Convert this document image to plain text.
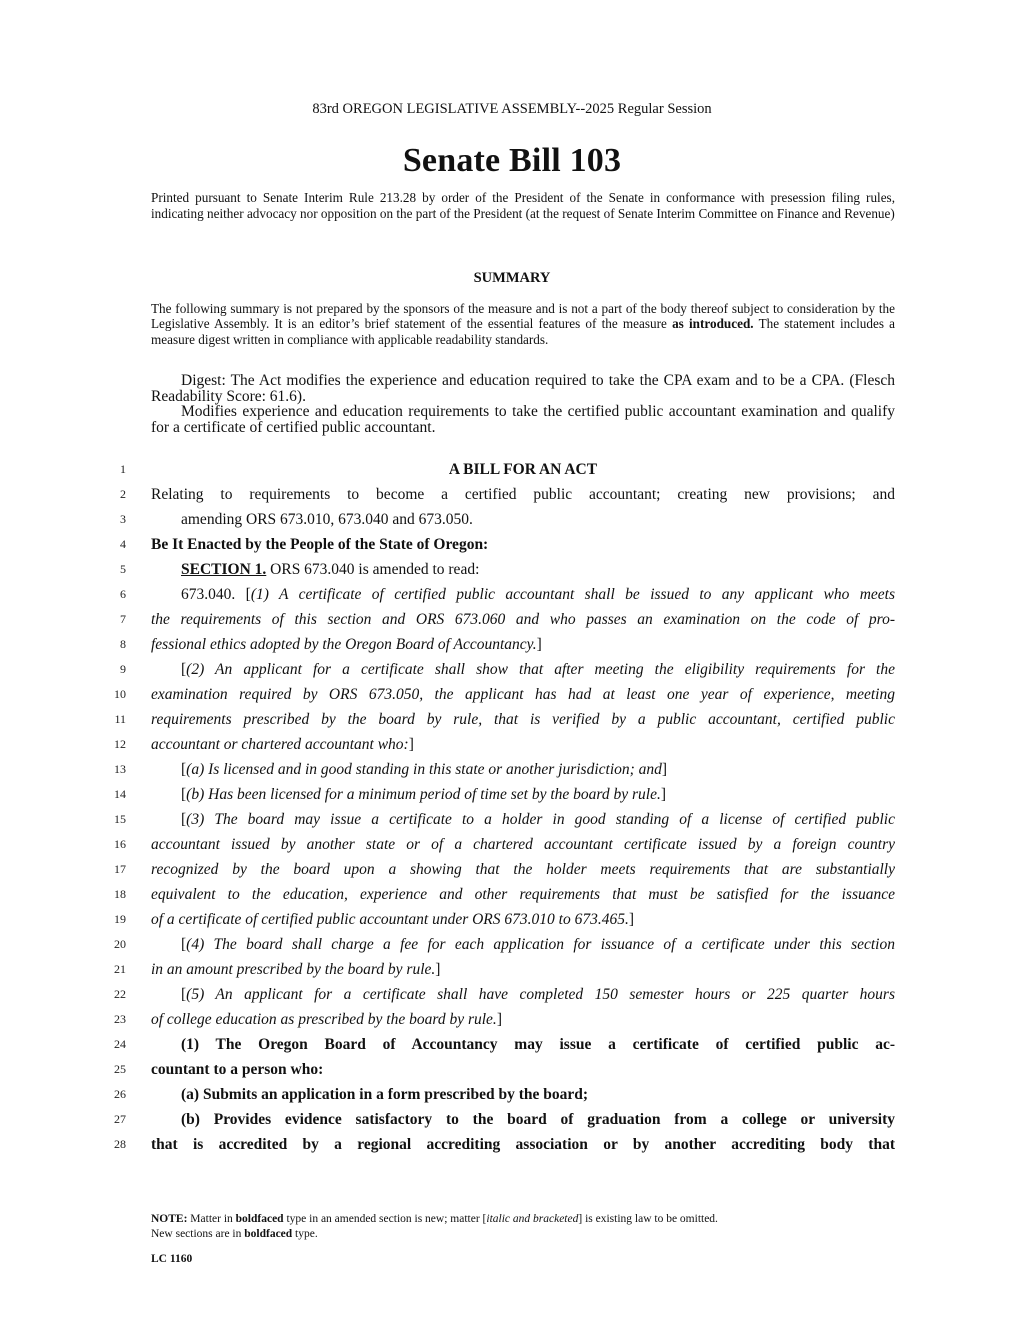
83rd OREGON LEGISLATIVE ASSEMBLY--2025 Regular Session
Senate Bill 103
Printed pursuant to Senate Interim Rule 213.28 by order of the President of the Senate in conformance with presession filing rules, indicating neither advocacy nor opposition on the part of the President (at the request of Senate Interim Committee on Finance and Revenue)
SUMMARY
The following summary is not prepared by the sponsors of the measure and is not a part of the body thereof subject to consideration by the Legislative Assembly. It is an editor’s brief statement of the essential features of the measure as introduced. The statement includes a measure digest written in compliance with applicable readability standards.

Digest: The Act modifies the experience and education required to take the CPA exam and to be a CPA. (Flesch Readability Score: 61.6).

Modifies experience and education requirements to take the certified public accountant examination and qualify for a certificate of certified public accountant.

1
2
3
4
5
6
7
8
9
10
11
12
13
14
15
16
17
18
19
20
21
22
23
24
25
26
27
28
A BILL FOR AN ACT
Relating to requirements to become a certified public accountant; creating new provisions; and
amending ORS 673.010, 673.040 and 673.050.
Be It Enacted by the People of the State of Oregon:
SECTION 1. ORS 673.040 is amended to read:
673.040. [(1) A certificate of certified public accountant shall be issued to any applicant who meets
the requirements of this section and ORS 673.060 and who passes an examination on the code of pro-
fessional ethics adopted by the Oregon Board of Accountancy.]
[(2) An applicant for a certificate shall show that after meeting the eligibility requirements for the
examination required by ORS 673.050, the applicant has had at least one year of experience, meeting
requirements prescribed by the board by rule, that is verified by a public accountant, certified public
accountant or chartered accountant who:]
[(a) Is licensed and in good standing in this state or another jurisdiction; and]
[(b) Has been licensed for a minimum period of time set by the board by rule.]
[(3) The board may issue a certificate to a holder in good standing of a license of certified public
accountant issued by another state or of a chartered accountant certificate issued by a foreign country
recognized by the board upon a showing that the holder meets requirements that are substantially
equivalent to the education, experience and other requirements that must be satisfied for the issuance
of a certificate of certified public accountant under ORS 673.010 to 673.465.]
[(4) The board shall charge a fee for each application for issuance of a certificate under this section
in an amount prescribed by the board by rule.]
[(5) An applicant for a certificate shall have completed 150 semester hours or 225 quarter hours
of college education as prescribed by the board by rule.]
(1) The Oregon Board of Accountancy may issue a certificate of certified public ac-
countant to a person who:
(a) Submits an application in a form prescribed by the board;
(b) Provides evidence satisfactory to the board of graduation from a college or university
that is accredited by a regional accrediting association or by another accrediting body that
NOTE: Matter in boldfaced type in an amended section is new; matter [italic and bracketed] is existing law to be omitted.
New sections are in boldfaced type.
LC 1160
